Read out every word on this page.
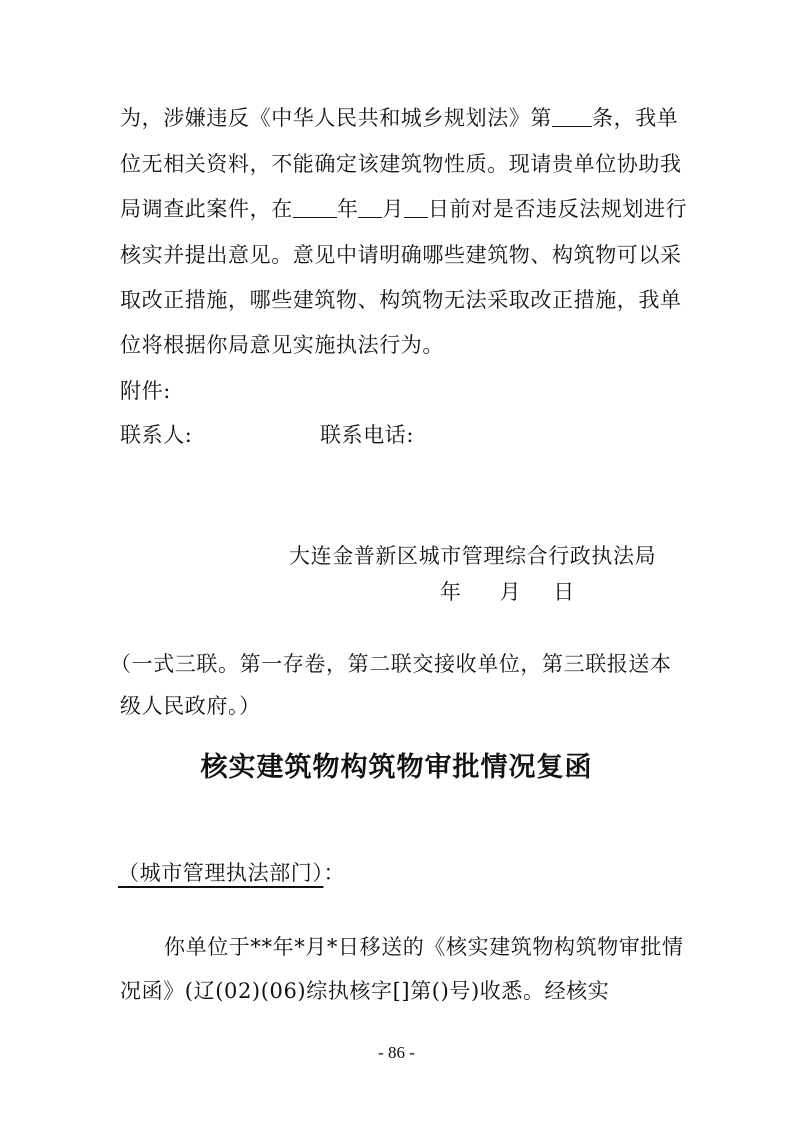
为，涉嫌违反《中华人民共和城乡规划法》第 条，我单
位无相关资料，不能确定该建筑物性质。现请贵单位协助我
局调查此案件，在 年 月 日前对是否违反法规划进行
核实并提出意见。意见中请明确哪些建筑物、构筑物可以采
取改正措施，哪些建筑物、构筑物无法采取改正措施，我单
位将根据你局意见实施执法行为。
附件:
联系人:	联系电话:
大连金普新区城市管理综合行政执法局
年 月 日
（一式三联。第一存卷，第二联交接收单位，第三联报送本
级人民政府。）
核实建筑物构筑物审批情况复函
（城市管理执法部门）：
你单位于**年*月*日移送的《核实建筑物构筑物审批情
况函》(辽(02)(06)综执核字[]第()号)收悉。经核实
- 86 -
